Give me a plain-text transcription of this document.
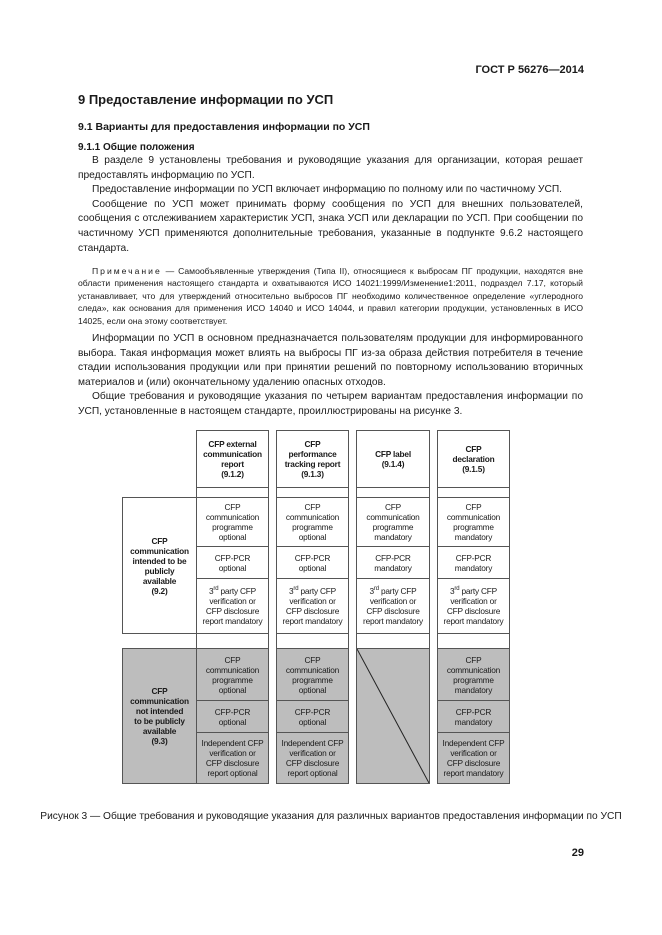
ГОСТ Р 56276—2014
9 Предоставление информации по УСП
9.1 Варианты для предоставления информации по УСП
9.1.1 Общие положения

В разделе 9 установлены требования и руководящие указания для организации, которая решает предоставлять информацию по УСП.

Предоставление информации по УСП включает информацию по полному или по частичному УСП.

Сообщение по УСП может принимать форму сообщения по УСП для внешних пользователей, сообщения с отслеживанием характеристик УСП, знака УСП или декларации по УСП. При сообщении по частичному УСП применяются дополнительные требования, указанные в подпункте 9.6.2 настоящего стандарта.

Примечание — Самообъявленные утверждения (Типа II), относящиеся к выбросам ПГ продукции, находятся вне области применения настоящего стандарта и охватываются ИСО 14021:1999/Изменение1:2011, подраздел 7.17, который устанавливает, что для утверждений относительно выбросов ПГ необходимо количественное определение «углеродного следа», как основания для применения ИСО 14040 и ИСО 14044, и правил категории продукции, установленных в ИСО 14025, если она этому соответствует.

Информации по УСП в основном предназначается пользователям продукции для информированного выбора. Такая информация может влиять на выбросы ПГ из-за образа действия потребителя в течение стадии использования продукции или при принятии решений по повторному использованию вторичных материалов и (или) окончательному удалению опасных отходов.

Общие требования и руководящие указания по четырем вариантам предоставления информации по УСП, установленные в настоящем стандарте, проиллюстрированы на рисунке 3.

CFP external
communication
report
(9.1.2)
CFP
performance
tracking report
(9.1.3)
CFP label
(9.1.4)
CFP
declaration
(9.1.5)
CFP
communication
intended to be
publicly
available
(9.2)
CFP
communication
programme
optional
CFP
communication
programme
optional
CFP
communication
programme
mandatory
CFP
communication
programme
mandatory
CFP-PCR
optional
CFP-PCR
optional
CFP-PCR
mandatory
CFP-PCR
mandatory
3rd party CFP
verification or
CFP disclosure
report mandatory
3rd party CFP
verification or
CFP disclosure
report mandatory
3rd party CFP
verification or
CFP disclosure
report mandatory
3rd party CFP
verification or
CFP disclosure
report mandatory
CFP
communication
not intended
to be publicly
available
(9.3)
CFP
communication
programme
optional
CFP
communication
programme
optional
CFP
communication
programme
mandatory
CFP-PCR
optional
CFP-PCR
optional
CFP-PCR
mandatory
Independent CFP
verification or
CFP disclosure
report optional
Independent CFP
verification or
CFP disclosure
report optional
Independent CFP
verification or
CFP disclosure
report mandatory
Рисунок 3 — Общие требования и руководящие указания для различных вариантов предоставления информации по УСП
29
